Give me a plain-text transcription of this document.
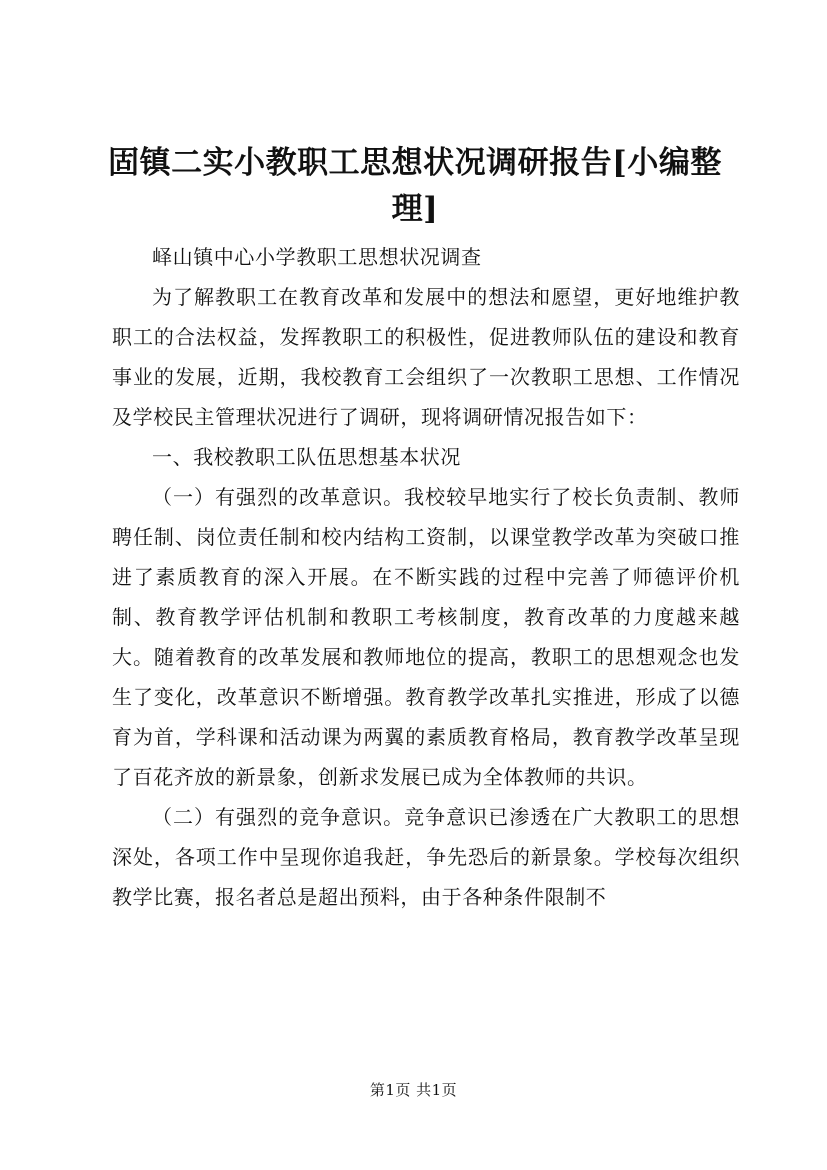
固镇二实小教职工思想状况调研报告[小编整理]

峄山镇中心小学教职工思想状况调查

为了解教职工在教育改革和发展中的想法和愿望，更好地维护教职工的合法权益，发挥教职工的积极性，促进教师队伍的建设和教育事业的发展，近期，我校教育工会组织了一次教职工思想、工作情况及学校民主管理状况进行了调研，现将调研情况报告如下：

一、我校教职工队伍思想基本状况

（一）有强烈的改革意识。我校较早地实行了校长负责制、教师聘任制、岗位责任制和校内结构工资制，以课堂教学改革为突破口推进了素质教育的深入开展。在不断实践的过程中完善了师德评价机制、教育教学评估机制和教职工考核制度，教育改革的力度越来越大。随着教育的改革发展和教师地位的提高，教职工的思想观念也发生了变化，改革意识不断增强。教育教学改革扎实推进，形成了以德育为首，学科课和活动课为两翼的素质教育格局，教育教学改革呈现了百花齐放的新景象，创新求发展已成为全体教师的共识。

（二）有强烈的竞争意识。竞争意识已渗透在广大教职工的思想深处，各项工作中呈现你追我赶，争先恐后的新景象。学校每次组织教学比赛，报名者总是超出预料，由于各种条件限制不

第1页 共1页
